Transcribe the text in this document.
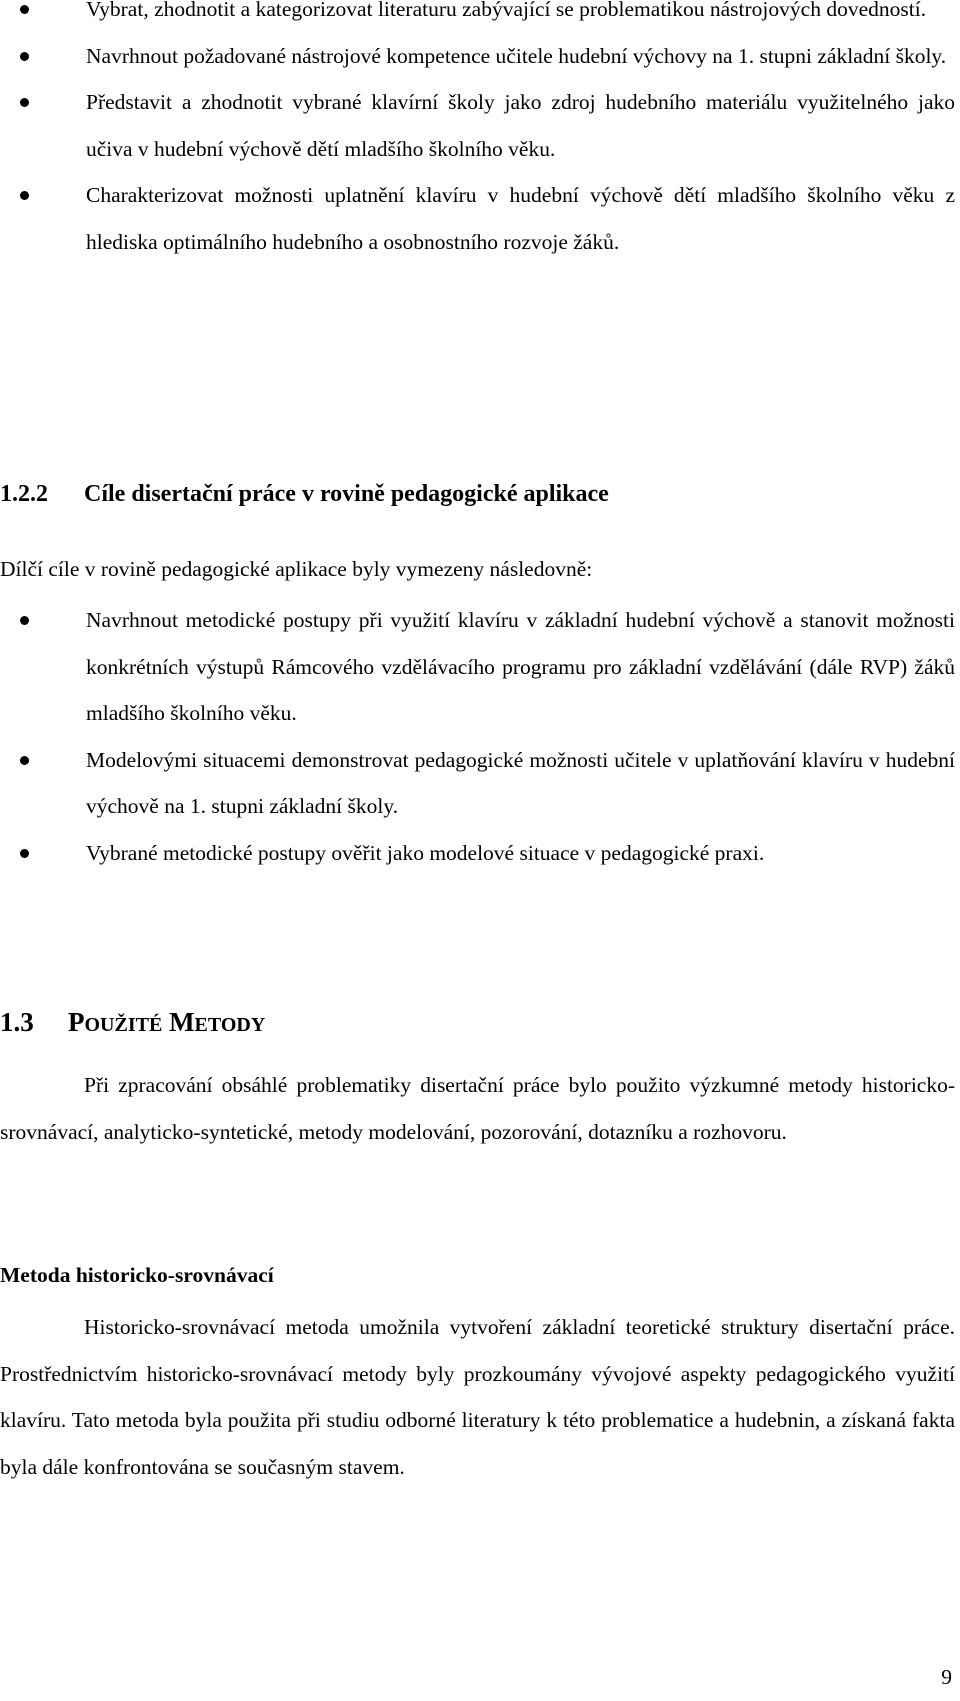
Vybrat, zhodnotit a kategorizovat literaturu zabývající se problematikou nástrojových dovedností.
Navrhnout požadované nástrojové kompetence učitele hudební výchovy na 1. stupni základní školy.
Představit a zhodnotit vybrané klavírní školy jako zdroj hudebního materiálu využitelného jako učiva v hudební výchově dětí mladšího školního věku.
Charakterizovat možnosti uplatnění klavíru v hudební výchově dětí mladšího školního věku z hlediska optimálního hudebního a osobnostního rozvoje žáků.
1.2.2 Cíle disertační práce v rovině pedagogické aplikace
Dílčí cíle v rovině pedagogické aplikace byly vymezeny následovně:
Navrhnout metodické postupy při využití klavíru v základní hudební výchově a stanovit možnosti konkrétních výstupů Rámcového vzdělávacího programu pro základní vzdělávání (dále RVP) žáků mladšího školního věku.
Modelovými situacemi demonstrovat pedagogické možnosti učitele v uplatňování klavíru v hudební výchově na 1. stupni základní školy.
Vybrané metodické postupy ověřit jako modelové situace v pedagogické praxi.
1.3 POUŽITÉ METODY
Při zpracování obsáhlé problematiky disertační práce bylo použito výzkumné metody historicko-srovnávací, analyticko-syntetické, metody modelování, pozorování, dotazníku a rozhovoru.
Metoda historicko-srovnávací
Historicko-srovnávací metoda umožnila vytvoření základní teoretické struktury disertační práce. Prostřednictvím historicko-srovnávací metody byly prozkoumány vývojové aspekty pedagogického využití klavíru. Tato metoda byla použita při studiu odborné literatury k této problematice a hudebnin, a získaná fakta byla dále konfrontována se současným stavem.
9
